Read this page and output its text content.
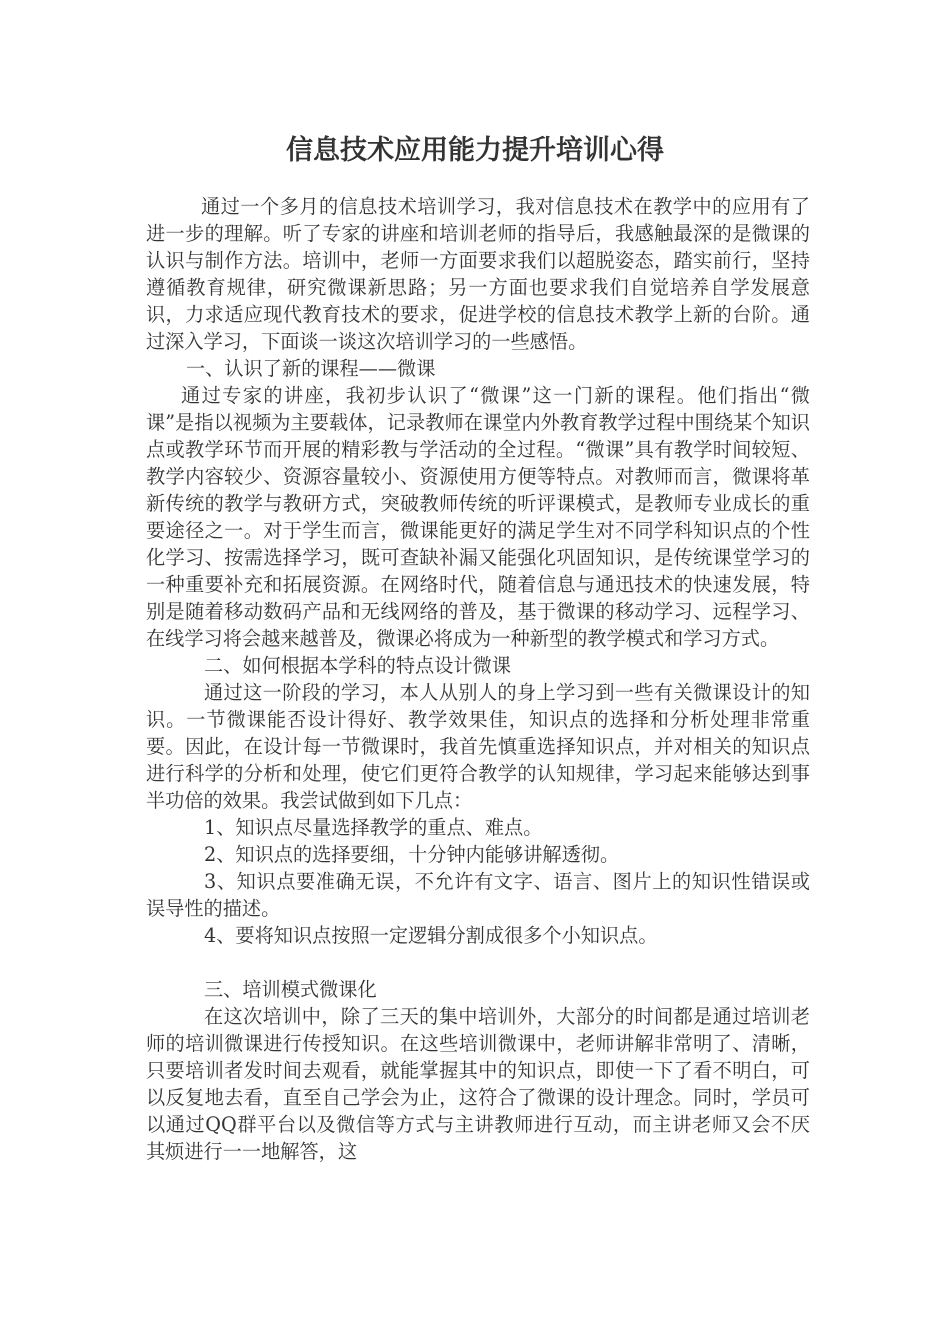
信息技术应用能力提升培训心得

通过一个多月的信息技术培训学习，我对信息技术在教学中的应用有了进一步的理解。听了专家的讲座和培训老师的指导后，我感触最深的是微课的认识与制作方法。培训中，老师一方面要求我们以超脱姿态，踏实前行，坚持遵循教育规律，研究微课新思路；另一方面也要求我们自觉培养自学发展意识，力求适应现代教育技术的要求，促进学校的信息技术教学上新的台阶。通过深入学习，下面谈一谈这次培训学习的一些感悟。

一、认识了新的课程——微课

通过专家的讲座，我初步认识了“微课”这一门新的课程。他们指出“微课”是指以视频为主要载体，记录教师在课堂内外教育教学过程中围绕某个知识点或教学环节而开展的精彩教与学活动的全过程。“微课”具有教学时间较短、教学内容较少、资源容量较小、资源使用方便等特点。对教师而言，微课将革新传统的教学与教研方式，突破教师传统的听评课模式，是教师专业成长的重要途径之一。对于学生而言，微课能更好的满足学生对不同学科知识点的个性化学习、按需选择学习，既可查缺补漏又能强化巩固知识，是传统课堂学习的一种重要补充和拓展资源。在网络时代，随着信息与通迅技术的快速发展，特别是随着移动数码产品和无线网络的普及，基于微课的移动学习、远程学习、在线学习将会越来越普及，微课必将成为一种新型的教学模式和学习方式。

二、如何根据本学科的特点设计微课

通过这一阶段的学习，本人从别人的身上学习到一些有关微课设计的知识。一节微课能否设计得好、教学效果佳，知识点的选择和分析处理非常重要。因此，在设计每一节微课时，我首先慎重选择知识点，并对相关的知识点进行科学的分析和处理，使它们更符合教学的认知规律，学习起来能够达到事半功倍的效果。我尝试做到如下几点：

1、知识点尽量选择教学的重点、难点。

2、知识点的选择要细，十分钟内能够讲解透彻。

3、知识点要准确无误，不允许有文字、语言、图片上的知识性错误或误导性的描述。

4、要将知识点按照一定逻辑分割成很多个小知识点。

三、培训模式微课化

在这次培训中，除了三天的集中培训外，大部分的时间都是通过培训老师的培训微课进行传授知识。在这些培训微课中，老师讲解非常明了、清晰，只要培训者发时间去观看，就能掌握其中的知识点，即使一下了看不明白，可以反复地去看，直至自己学会为止，这符合了微课的设计理念。同时，学员可以通过QQ群平台以及微信等方式与主讲教师进行互动，而主讲老师又会不厌其烦进行一一地解答，这
